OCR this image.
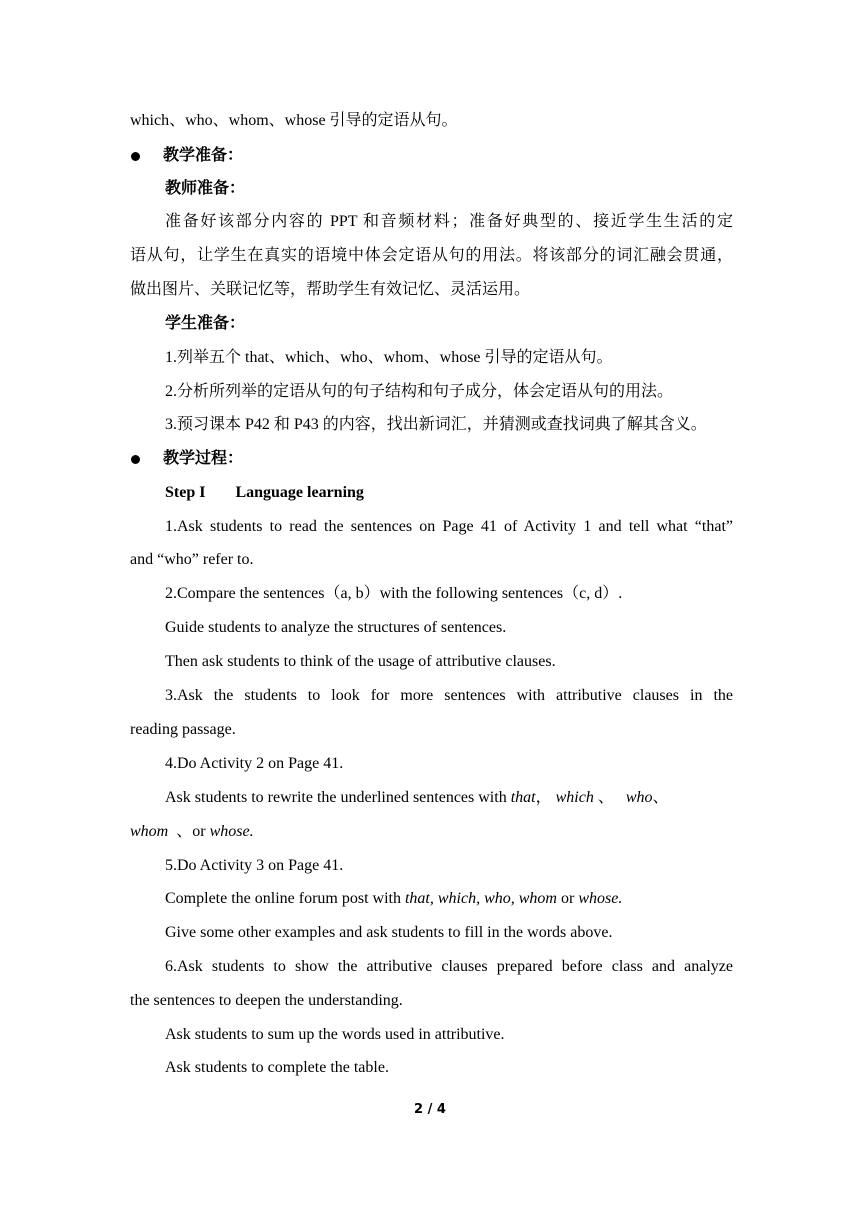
which、who、whom、whose 引导的定语从句。
教学准备：
教师准备：
准备好该部分内容的 PPT 和音频材料；准备好典型的、接近学生生活的定
语从句，让学生在真实的语境中体会定语从句的用法。将该部分的词汇融会贯通，
做出图片、关联记忆等，帮助学生有效记忆、灵活运用。
学生准备：
1.列举五个 that、which、who、whom、whose 引导的定语从句。
2.分析所列举的定语从句的句子结构和句子成分，体会定语从句的用法。
3.预习课本 P42 和 P43 的内容，找出新词汇，并猜测或查找词典了解其含义。
教学过程：
Step I Language learning
1.Ask students to read the sentences on Page 41 of Activity 1 and tell what “that”
and “who” refer to.
2.Compare the sentences（a, b）with the following sentences（c, d）.
Guide students to analyze the structures of sentences.
Then ask students to think of the usage of attributive clauses.
3.Ask the students to look for more sentences with attributive clauses in the
reading passage.
4.Do Activity 2 on Page 41.
Ask students to rewrite the underlined sentences with that， which 、 who、
whom 、or whose.
5.Do Activity 3 on Page 41.
Complete the online forum post with that, which, who, whom or whose.
Give some other examples and ask students to fill in the words above.
6.Ask students to show the attributive clauses prepared before class and analyze
the sentences to deepen the understanding.
Ask students to sum up the words used in attributive.
Ask students to complete the table.
2 / 4
